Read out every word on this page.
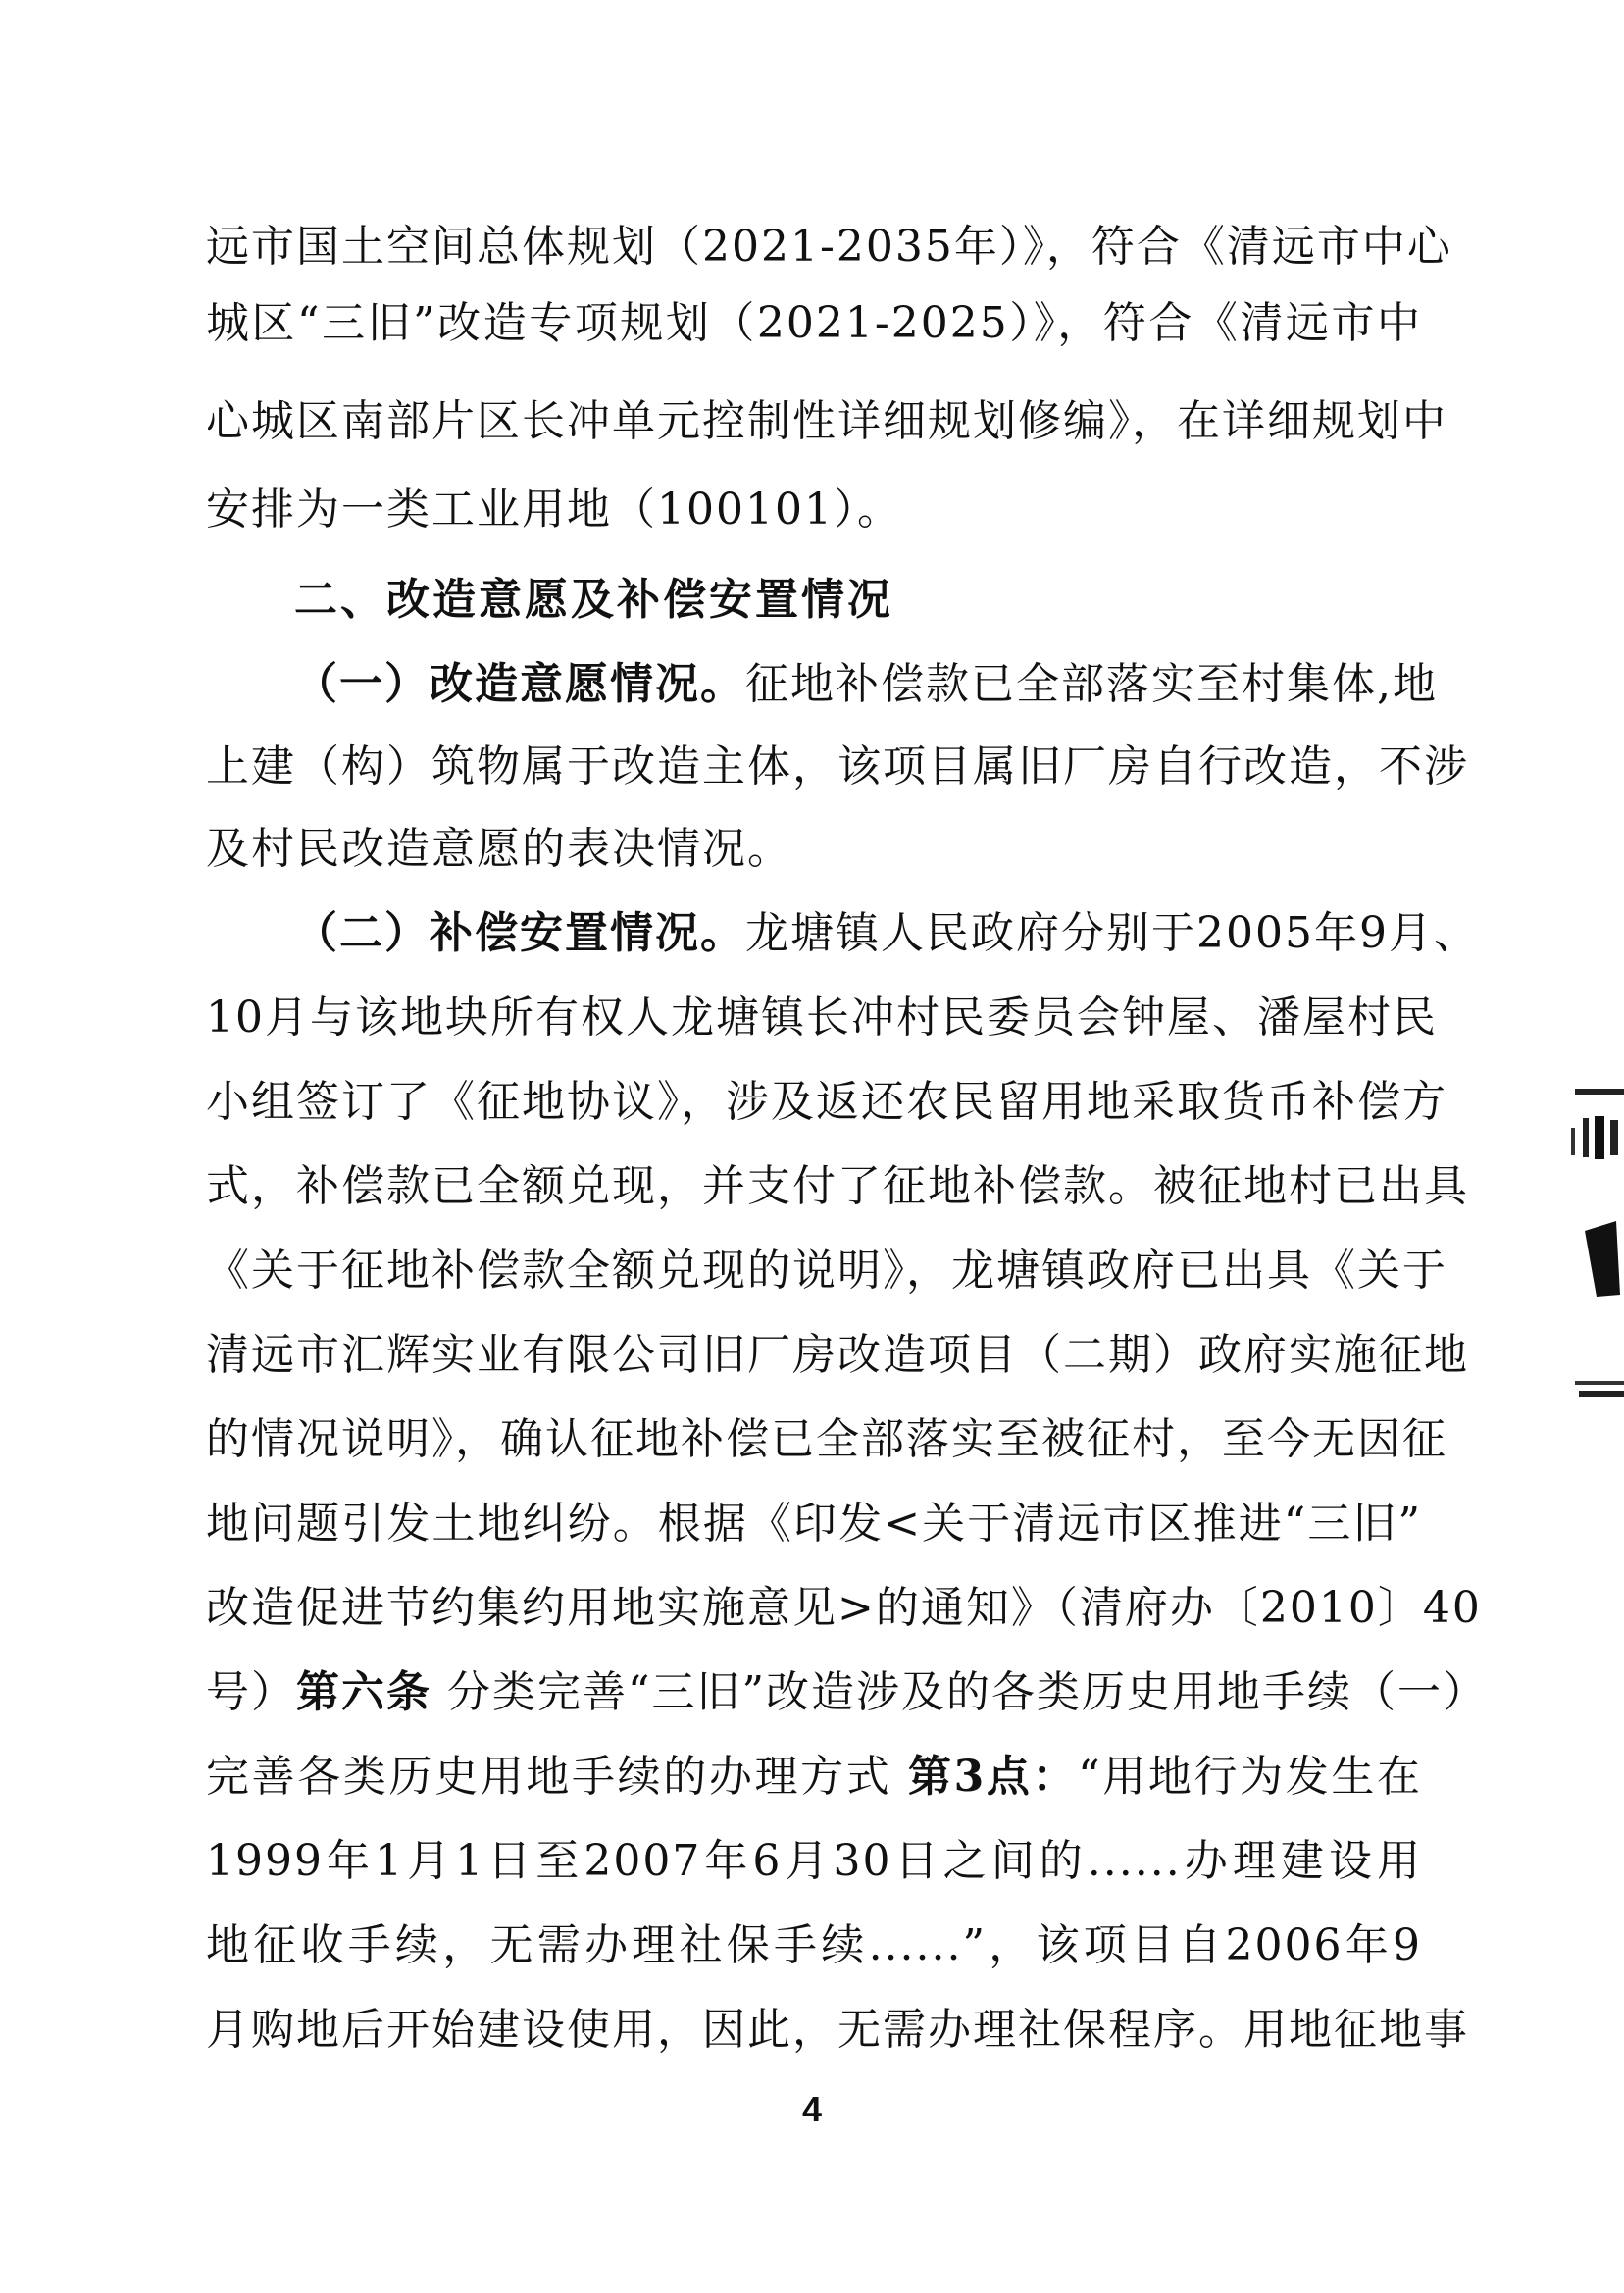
远市国土空间总体规划（2021-2035年）》，符合《清远市中心
城区“三旧”改造专项规划（2021-2025）》，符合《清远市中
心城区南部片区长冲单元控制性详细规划修编》，在详细规划中
安排为一类工业用地（100101）。
二、改造意愿及补偿安置情况
（一）改造意愿情况。征地补偿款已全部落实至村集体,地
上建（构）筑物属于改造主体，该项目属旧厂房自行改造，不涉
及村民改造意愿的表决情况。
（二）补偿安置情况。龙塘镇人民政府分别于2005年9月、
10月与该地块所有权人龙塘镇长冲村民委员会钟屋、潘屋村民
小组签订了《征地协议》，涉及返还农民留用地采取货币补偿方
式，补偿款已全额兑现，并支付了征地补偿款。被征地村已出具
《关于征地补偿款全额兑现的说明》，龙塘镇政府已出具《关于
清远市汇辉实业有限公司旧厂房改造项目（二期）政府实施征地
的情况说明》，确认征地补偿已全部落实至被征村，至今无因征
地问题引发土地纠纷。根据《印发<关于清远市区推进“三旧”
改造促进节约集约用地实施意见>的通知》（清府办〔2010〕40
号）第六条 分类完善“三旧”改造涉及的各类历史用地手续（一）
完善各类历史用地手续的办理方式 第3点：“用地行为发生在
1999年1月1日至2007年6月30日之间的......办理建设用
地征收手续，无需办理社保手续......”，该项目自2006年9
月购地后开始建设使用，因此，无需办理社保程序。用地征地事
4
